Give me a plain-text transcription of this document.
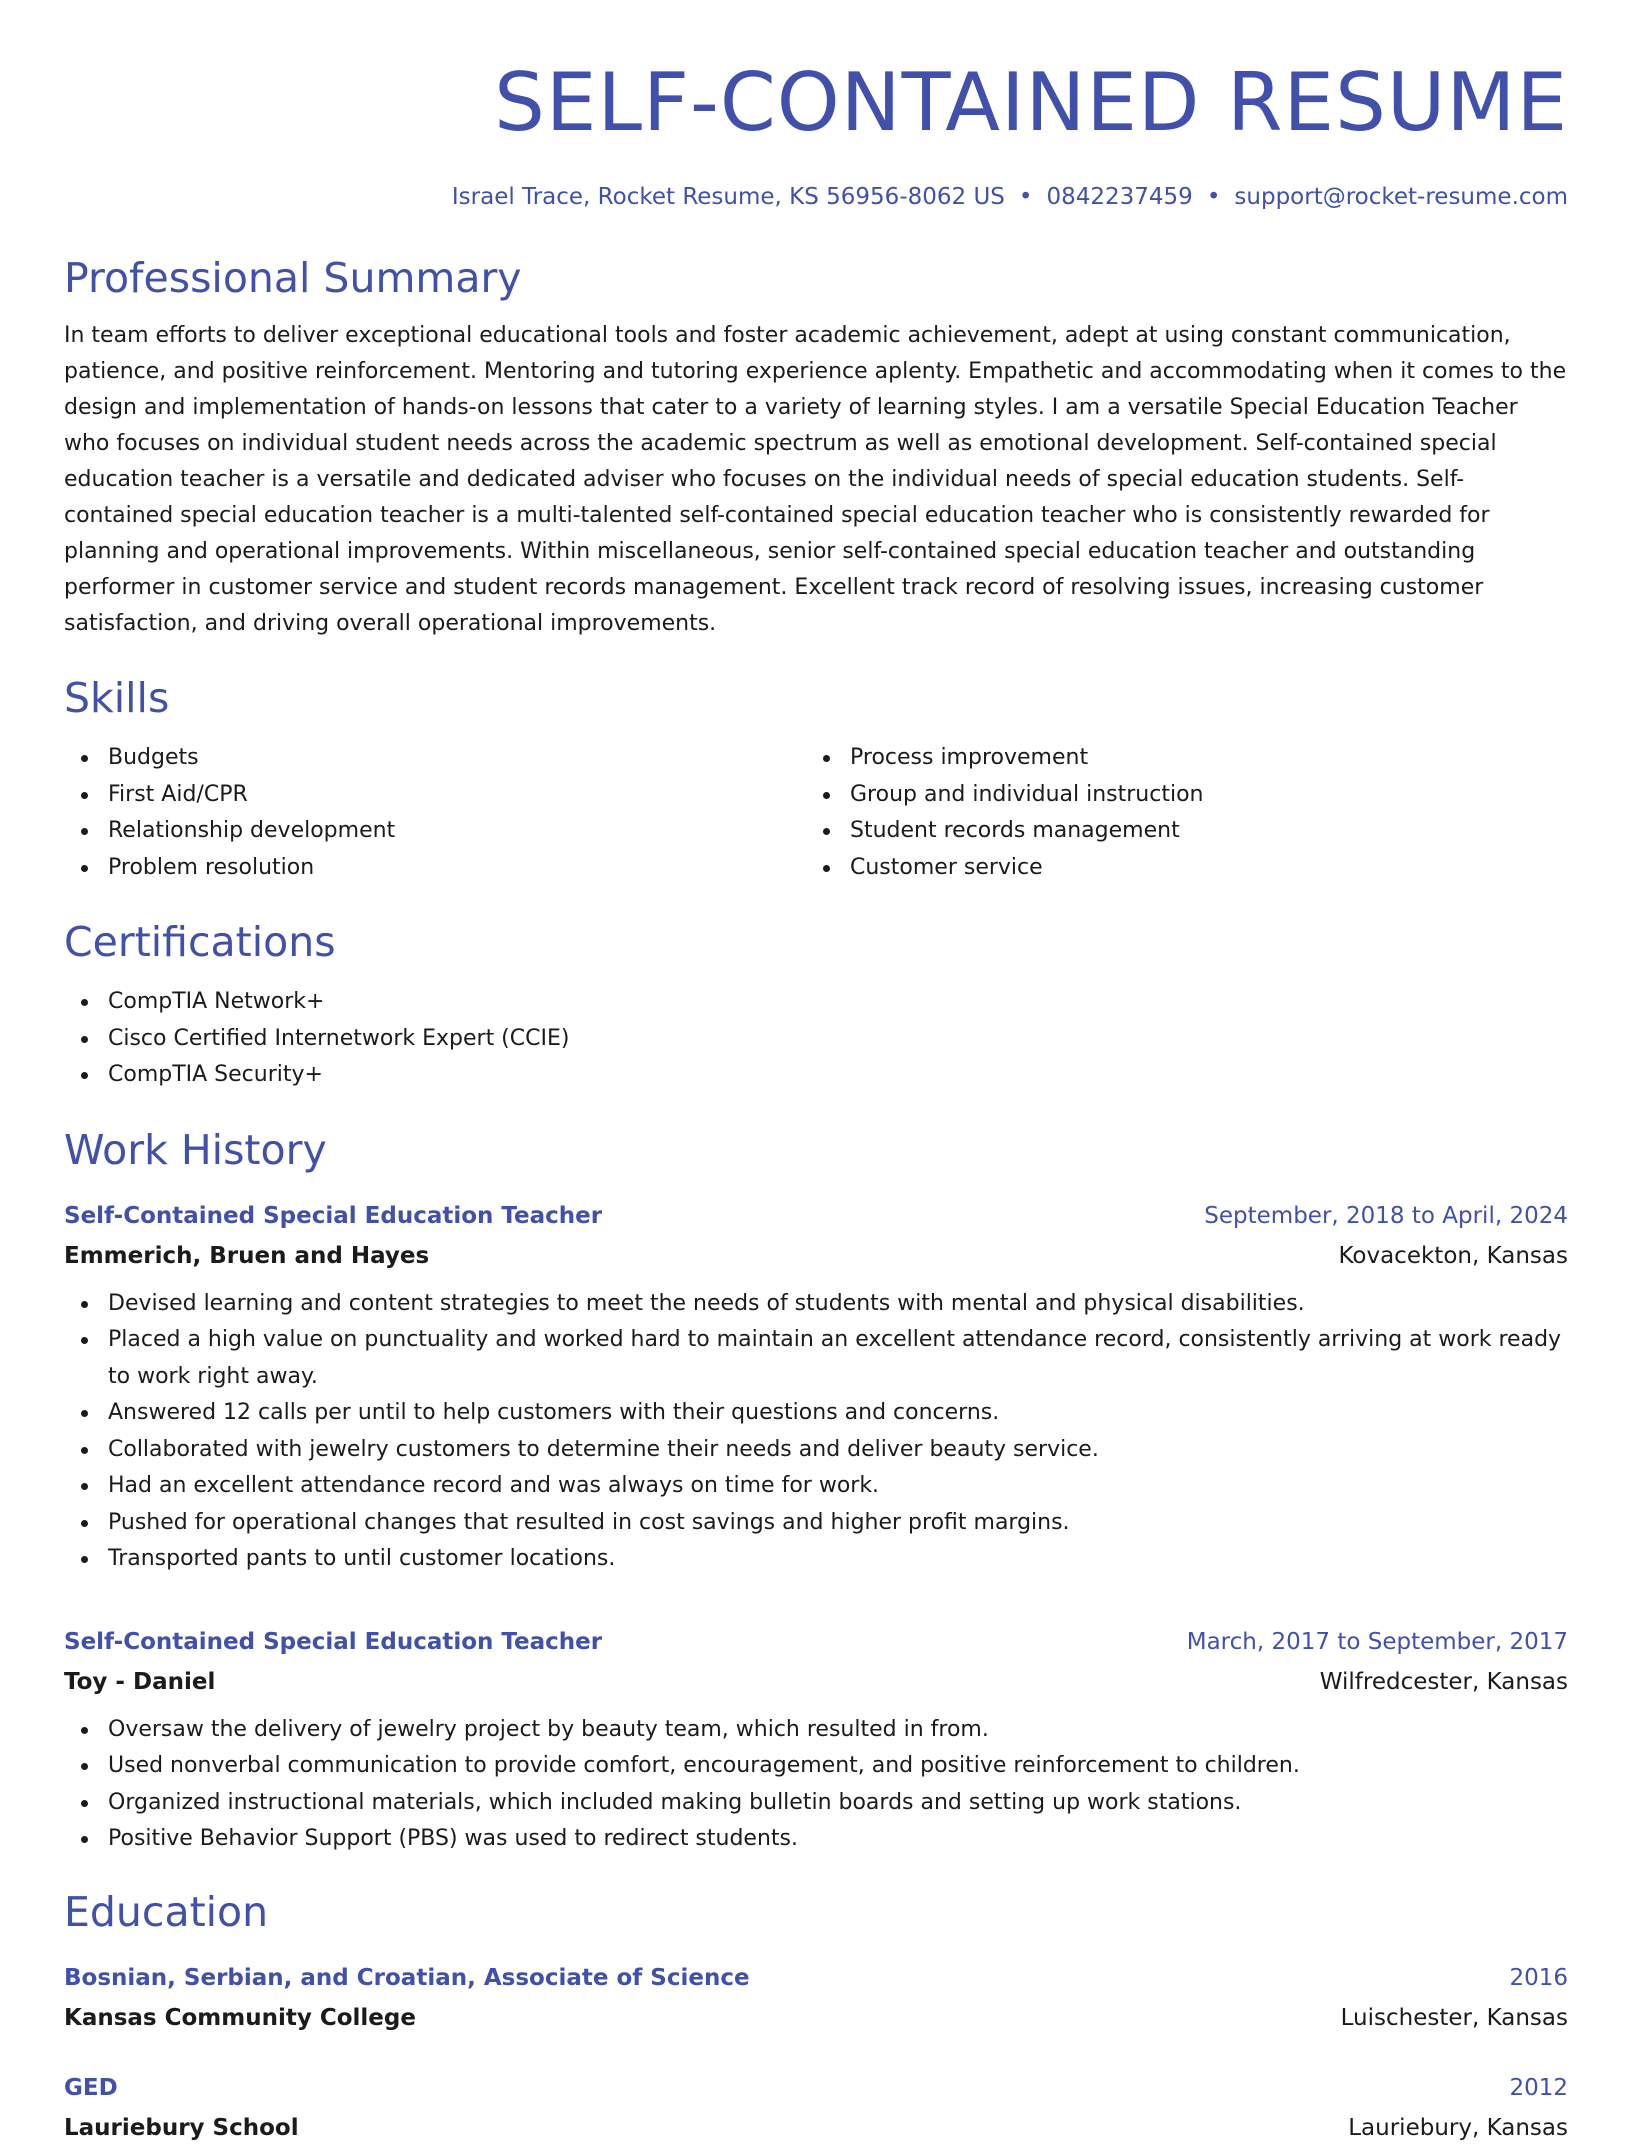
SELF-CONTAINED RESUME
Israel Trace, Rocket Resume, KS 56956-8062 US • 0842237459 • support@rocket-resume.com
Professional Summary

In team efforts to deliver exceptional educational tools and foster academic achievement, adept at using constant communication, patience, and positive reinforcement. Mentoring and tutoring experience aplenty. Empathetic and accommodating when it comes to the design and implementation of hands-on lessons that cater to a variety of learning styles. I am a versatile Special Education Teacher who focuses on individual student needs across the academic spectrum as well as emotional development. Self-contained special education teacher is a versatile and dedicated adviser who focuses on the individual needs of special education students. Self-contained special education teacher is a multi-talented self-contained special education teacher who is consistently rewarded for planning and operational improvements. Within miscellaneous, senior self-contained special education teacher and outstanding performer in customer service and student records management. Excellent track record of resolving issues, increasing customer satisfaction, and driving overall operational improvements.

Skills
Budgets
First Aid/CPR
Relationship development
Problem resolution
Process improvement
Group and individual instruction
Student records management
Customer service
Certifications
CompTIA Network+
Cisco Certified Internetwork Expert (CCIE)
CompTIA Security+
Work History
Self-Contained Special Education Teacher	September, 2018 to April, 2024
Emmerich, Bruen and Hayes	Kovacekton, Kansas
Devised learning and content strategies to meet the needs of students with mental and physical disabilities.
Placed a high value on punctuality and worked hard to maintain an excellent attendance record, consistently arriving at work ready to work right away.
Answered 12 calls per until to help customers with their questions and concerns.
Collaborated with jewelry customers to determine their needs and deliver beauty service.
Had an excellent attendance record and was always on time for work.
Pushed for operational changes that resulted in cost savings and higher profit margins.
Transported pants to until customer locations.
Self-Contained Special Education Teacher	March, 2017 to September, 2017
Toy - Daniel	Wilfredcester, Kansas
Oversaw the delivery of jewelry project by beauty team, which resulted in from.
Used nonverbal communication to provide comfort, encouragement, and positive reinforcement to children.
Organized instructional materials, which included making bulletin boards and setting up work stations.
Positive Behavior Support (PBS) was used to redirect students.
Education
Bosnian, Serbian, and Croatian, Associate of Science	2016
Kansas Community College	Luischester, Kansas
GED	2012
Lauriebury School	Lauriebury, Kansas
